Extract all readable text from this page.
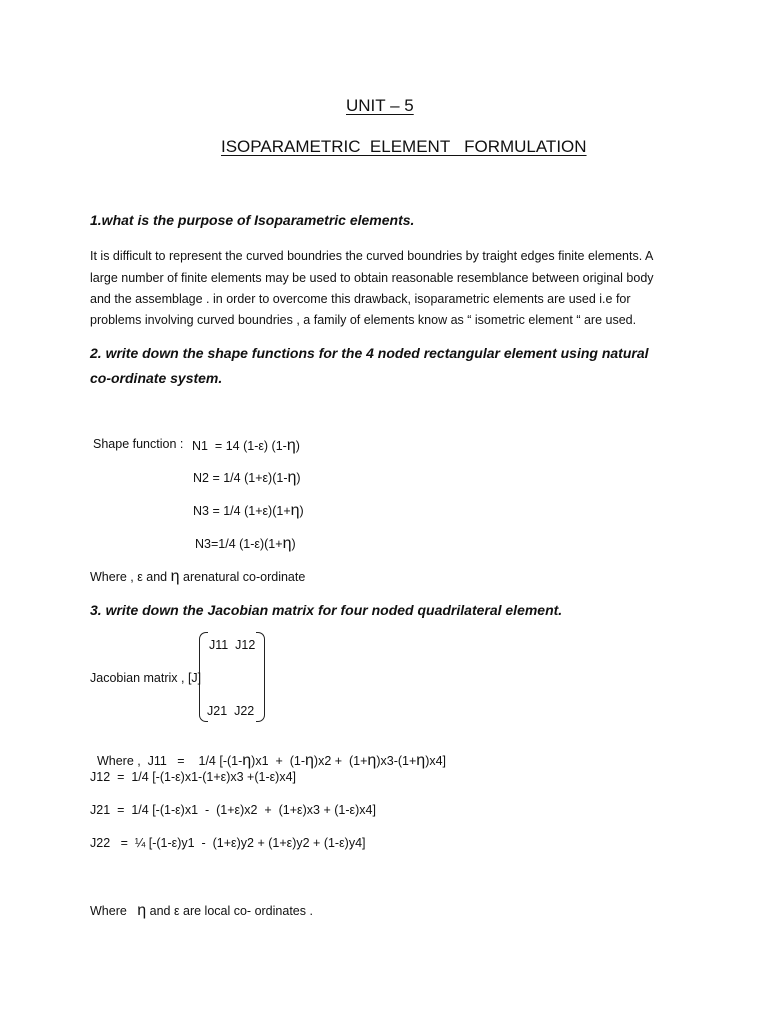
UNIT – 5
ISOPARAMETRIC  ELEMENT   FORMULATION
1.what is the purpose of Isoparametric elements.
It is difficult to represent the curved boundries the curved boundries by traight edges finite elements. A
large number of finite elements may be used to obtain reasonable resemblance between original body
and the assemblage . in order to overcome this drawback, isoparametric elements are used i.e for
problems involving curved boundries , a family of elements know as “ isometric element “ are used.
2. write down the shape functions for the 4 noded rectangular element using natural
co-ordinate system.
Shape function : N1  = 14 (1-ε) (1-η)
N2 = 1/4 (1+ε)(1-η)
N3 = 1/4 (1+ε)(1+η)
N3=1/4 (1-ε)(1+η)
Where , ε and η arenatural co-ordinate
3. write down the Jacobian matrix for four noded quadrilateral element.
J11  J12
Jacobian matrix , [J]
J21  J22

Where ,  J11   =    1/4 [-(1-η)x1  +  (1-η)x2 +  (1+η)x3-(1+η)x4]

J12  =  1/4 [-(1-ε)x1-(1+ε)x3 +(1-ε)x4]
J21  =  1/4 [-(1-ε)x1  -  (1+ε)x2  +  (1+ε)x3 + (1-ε)x4]
J22   =  ¼ [-(1-ε)y1  -  (1+ε)y2 + (1+ε)y2 + (1-ε)y4]
Where η and ε are local co- ordinates .
